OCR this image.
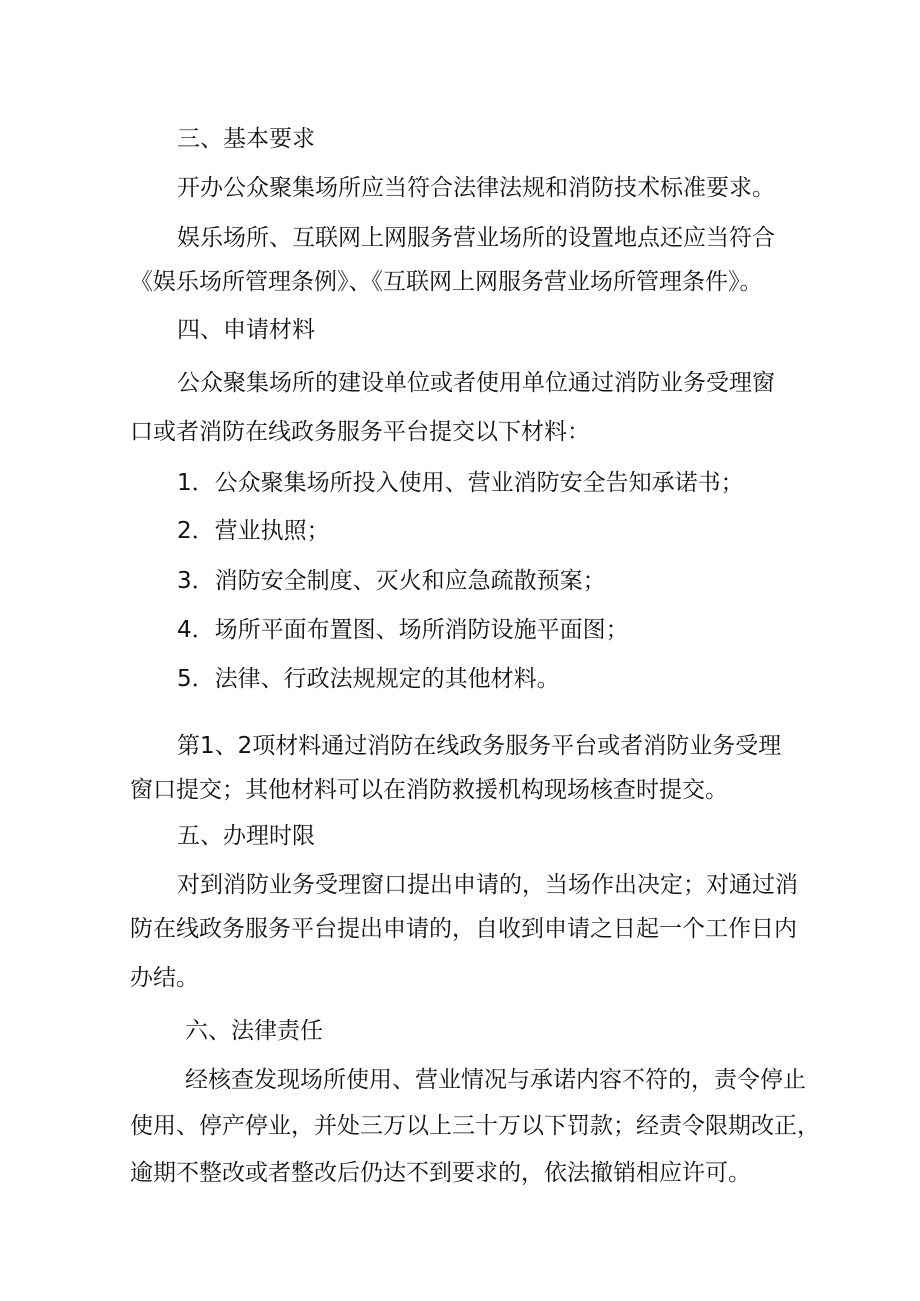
三、基本要求

开办公众聚集场所应当符合法律法规和消防技术标准要求。

娱乐场所、互联网上网服务营业场所的设置地点还应当符合

《娱乐场所管理条例》、《互联网上网服务营业场所管理条件》。

四、申请材料

公众聚集场所的建设单位或者使用单位通过消防业务受理窗

口或者消防在线政务服务平台提交以下材料：

1．公众聚集场所投入使用、营业消防安全告知承诺书；

2．营业执照；

3．消防安全制度、灭火和应急疏散预案；

4．场所平面布置图、场所消防设施平面图；

5．法律、行政法规规定的其他材料。

第1、2项材料通过消防在线政务服务平台或者消防业务受理

窗口提交；其他材料可以在消防救援机构现场核查时提交。

五、办理时限

对到消防业务受理窗口提出申请的，当场作出决定；对通过消

防在线政务服务平台提出申请的，自收到申请之日起一个工作日内

办结。

六、法律责任

经核查发现场所使用、营业情况与承诺内容不符的，责令停止

使用、停产停业，并处三万以上三十万以下罚款；经责令限期改正，

逾期不整改或者整改后仍达不到要求的，依法撤销相应许可。
